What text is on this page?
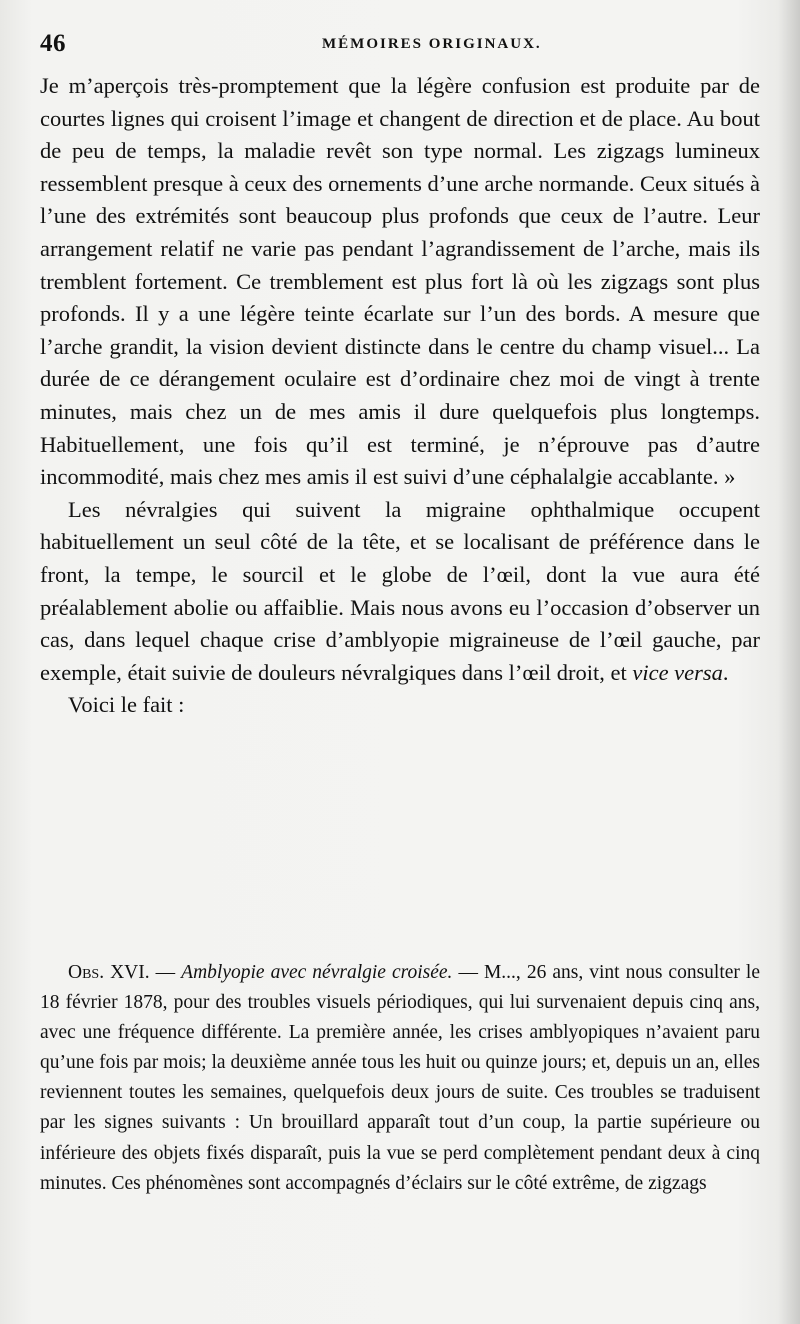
46	MÉMOIRES ORIGINAUX.

Je m’aperçois très-promptement que la légère confusion est produite par de courtes lignes qui croisent l’image et changent de direction et de place. Au bout de peu de temps, la maladie revêt son type normal. Les zigzags lumineux ressemblent presque à ceux des ornements d’une arche normande. Ceux situés à l’une des extrémités sont beaucoup plus profonds que ceux de l’autre. Leur arrangement relatif ne varie pas pendant l’agrandissement de l’arche, mais ils tremblent fortement. Ce tremblement est plus fort là où les zigzags sont plus profonds. Il y a une légère teinte écarlate sur l’un des bords. A mesure que l’arche grandit, la vision devient distincte dans le centre du champ visuel... La durée de ce dérangement oculaire est d’ordinaire chez moi de vingt à trente minutes, mais chez un de mes amis il dure quelquefois plus longtemps. Habituellement, une fois qu’il est terminé, je n’éprouve pas d’autre incommodité, mais chez mes amis il est suivi d’une céphalalgie accablante. »

Les névralgies qui suivent la migraine ophthalmique occupent habituellement un seul côté de la tête, et se localisant de préférence dans le front, la tempe, le sourcil et le globe de l’œil, dont la vue aura été préalablement abolie ou affaiblie. Mais nous avons eu l’occasion d’observer un cas, dans lequel chaque crise d’amblyopie migraineuse de l’œil gauche, par exemple, était suivie de douleurs névralgiques dans l’œil droit, et vice versa.

Voici le fait :

Obs. XVI. — Amblyopie avec névralgie croisée. — M..., 26 ans, vint nous consulter le 18 février 1878, pour des troubles visuels périodiques, qui lui survenaient depuis cinq ans, avec une fréquence différente. La première année, les crises amblyopiques n’avaient paru qu’une fois par mois; la deuxième année tous les huit ou quinze jours; et, depuis un an, elles reviennent toutes les semaines, quelquefois deux jours de suite. Ces troubles se traduisent par les signes suivants : Un brouillard apparaît tout d’un coup, la partie supérieure ou inférieure des objets fixés disparaît, puis la vue se perd complètement pendant deux à cinq minutes. Ces phénomènes sont accompagnés d’éclairs sur le côté extrême, de zigzags
